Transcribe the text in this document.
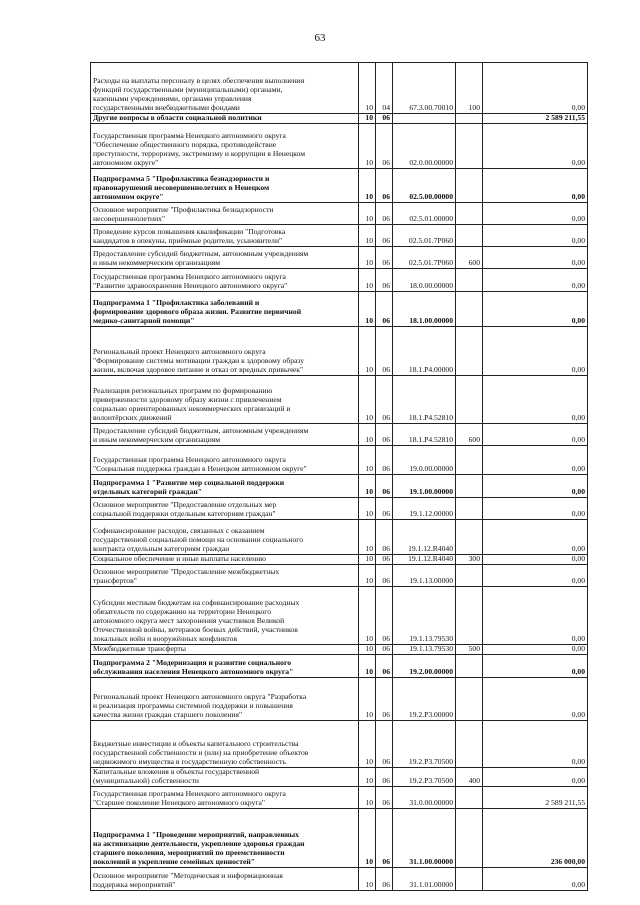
63
Расходы на выплаты персоналу в целях обеспечения выполнения
функций государственными (муниципальными) органами,
казенными учреждениями, органами управления
государственными внебюджетными фондами	10	04	67.3.00.70010	100	0,00
Другие вопросы в области социальной политики	10	06			2 589 211,55
Государственная программа Ненецкого автономного округа
"Обеспечение общественного порядка, противодействие
преступности, терроризму, экстремизму и коррупции в Ненецком
автономном округе"	10	06	02.0.00.00000		0,00
Подпрограмма 5 "Профилактика безнадзорности и
правонарушений несовершеннолетних в Ненецком
автономном округе"	10	06	02.5.00.00000		0,00
Основное мероприятие "Профилактика безнадзорности
несовершеннолетних"	10	06	02.5.01.00000		0,00
Проведение курсов повышения квалификации "Подготовка
кандидатов в опекуны, приёмные родители, усыновители"	10	06	02.5.01.7Р060		0,00
Предоставление субсидий бюджетным, автономным учреждениям
и иным некоммерческим организациям	10	06	02.5.01.7Р060	600	0,00
Государственная программа Ненецкого автономного округа
"Развитие здравоохранения Ненецкого автономного округа"	10	06	18.0.00.00000		0,00
Подпрограмма 1 "Профилактика заболеваний и
формирование здорового образа жизни. Развитие первичной
медико-санитарной помощи"	10	06	18.1.00.00000		0,00
Региональный проект Ненецкого автономного округа
"Формирование системы мотивации граждан к здоровому образу
жизни, включая здоровое питание и отказ от вредных привычек"	10	06	18.1.Р4.00000		0,00
Реализация региональных программ по формированию
приверженности здоровому образу жизни с привлечением
социально ориентированных некоммерческих организаций и
волонтёрских движений	10	06	18.1.Р4.52810		0,00
Предоставление субсидий бюджетным, автономным учреждениям
и иным некоммерческим организациям	10	06	18.1.Р4.52810	600	0,00
Государственная программа Ненецкого автономного округа
"Социальная поддержка граждан в Ненецком автономном округе"	10	06	19.0.00.00000		0,00
Подпрограмма 1 "Развитие мер социальной поддержки
отдельных категорий граждан"	10	06	19.1.00.00000		0,00
Основное мероприятие "Предоставление отдельных мер
социальной поддержки отдельным категориям граждан"	10	06	19.1.12.00000		0,00
Софинансирование расходов, связанных с оказанием
государственной социальной помощи на основании социального
контракта отдельным категориям граждан	10	06	19.1.12.R4040		0,00
Социальное обеспечение и иные выплаты населению	10	06	19.1.12.R4040	300	0,00
Основное мероприятие "Предоставление межбюджетных
трансфертов"	10	06	19.1.13.00000		0,00
Субсидии местным бюджетам на софинансирование расходных
обязательств по содержанию на территории Ненецкого
автономного округа мест захоронения участников Великой
Отечественной войны, ветеранов боевых действий, участников
локальных войн и вооружённых конфликтов	10	06	19.1.13.79530		0,00
Межбюджетные трансферты	10	06	19.1.13.79530	500	0,00
Подпрограмма 2 "Модернизация и развитие социального
обслуживания населения Ненецкого автономного округа"	10	06	19.2.00.00000		0,00
Региональный проект Ненецкого автономного округа "Разработка
и реализация программы системной поддержки и повышения
качества жизни граждан старшего поколения"	10	06	19.2.Р3.00000		0,00
Бюджетные инвестиции в объекты капитального строительства
государственной собственности и (или) на приобретение объектов
недвижимого имущества в государственную собственность	10	06	19.2.Р3.70500		0,00
Капитальные вложения в объекты государственной
(муниципальной) собственности	10	06	19.2.Р3.70500	400	0,00
Государственная программа Ненецкого автономного округа
"Старшее поколение Ненецкого автономного округа"	10	06	31.0.00.00000		2 589 211,55
Подпрограмма 1 "Проведение мероприятий, направленных
на активизацию деятельности, укрепление здоровья граждан
старшего поколения, мероприятий по преемственности
поколений и укрепление семейных ценностей"	10	06	31.1.00.00000		236 000,00
Основное мероприятие "Методическая и информационная
поддержка мероприятий"	10	06	31.1.01.00000		0,00
